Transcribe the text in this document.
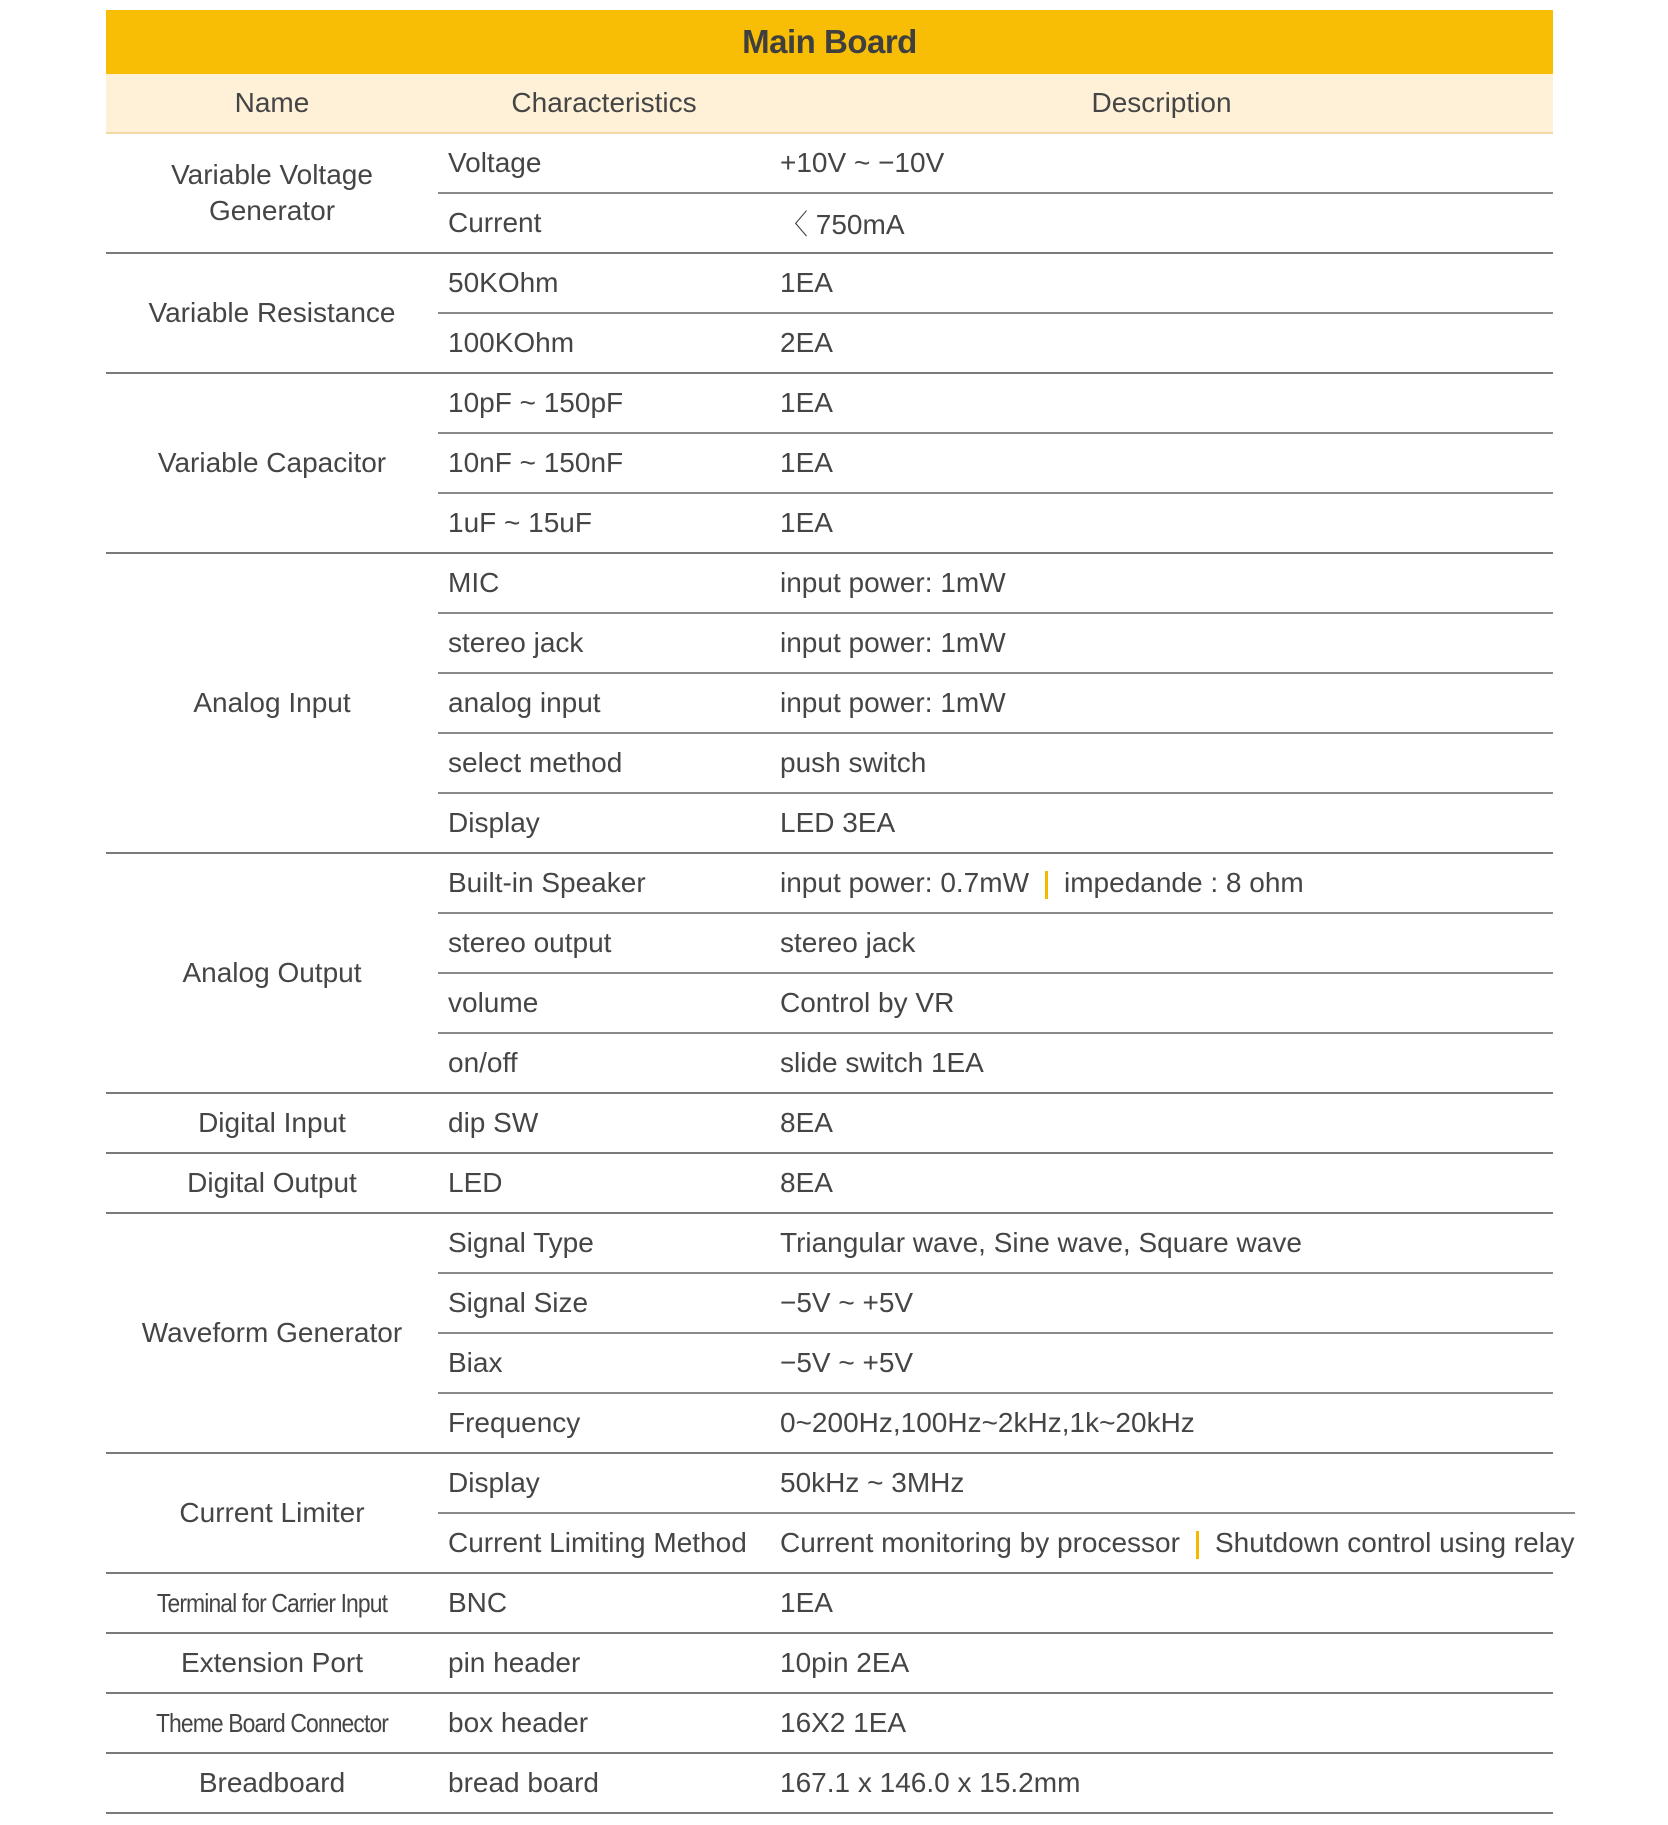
Main Board
Name	Characteristics	Description
Variable Voltage Generator
Voltage	+10V ~ −10V
Current	〈 750mA
Variable Resistance
50KOhm	1EA
100KOhm	2EA
Variable Capacitor
10pF ~ 150pF	1EA
10nF ~ 150nF	1EA
1uF ~ 15uF	1EA
Analog Input
MIC	input power: 1mW
stereo jack	input power: 1mW
analog input	input power: 1mW
select method	push switch
Display	LED 3EA
Analog Output
Built-in Speaker	input power: 0.7mW impedande : 8 ohm
stereo output	stereo jack
volume	Control by VR
on/off	slide switch 1EA
Digital Input	dip SW	8EA
Digital Output	LED	8EA
Waveform Generator
Signal Type	Triangular wave, Sine wave, Square wave
Signal Size	−5V ~ +5V
Biax	−5V ~ +5V
Frequency	0~200Hz,100Hz~2kHz,1k~20kHz
Current Limiter
Display	50kHz ~ 3MHz
Current Limiting Method	Current monitoring by processor Shutdown control using relay
Terminal for Carrier Input	BNC	1EA
Extension Port	pin header	10pin 2EA
Theme Board Connector	box header	16X2 1EA
Breadboard	bread board	167.1 x 146.0 x 15.2mm
